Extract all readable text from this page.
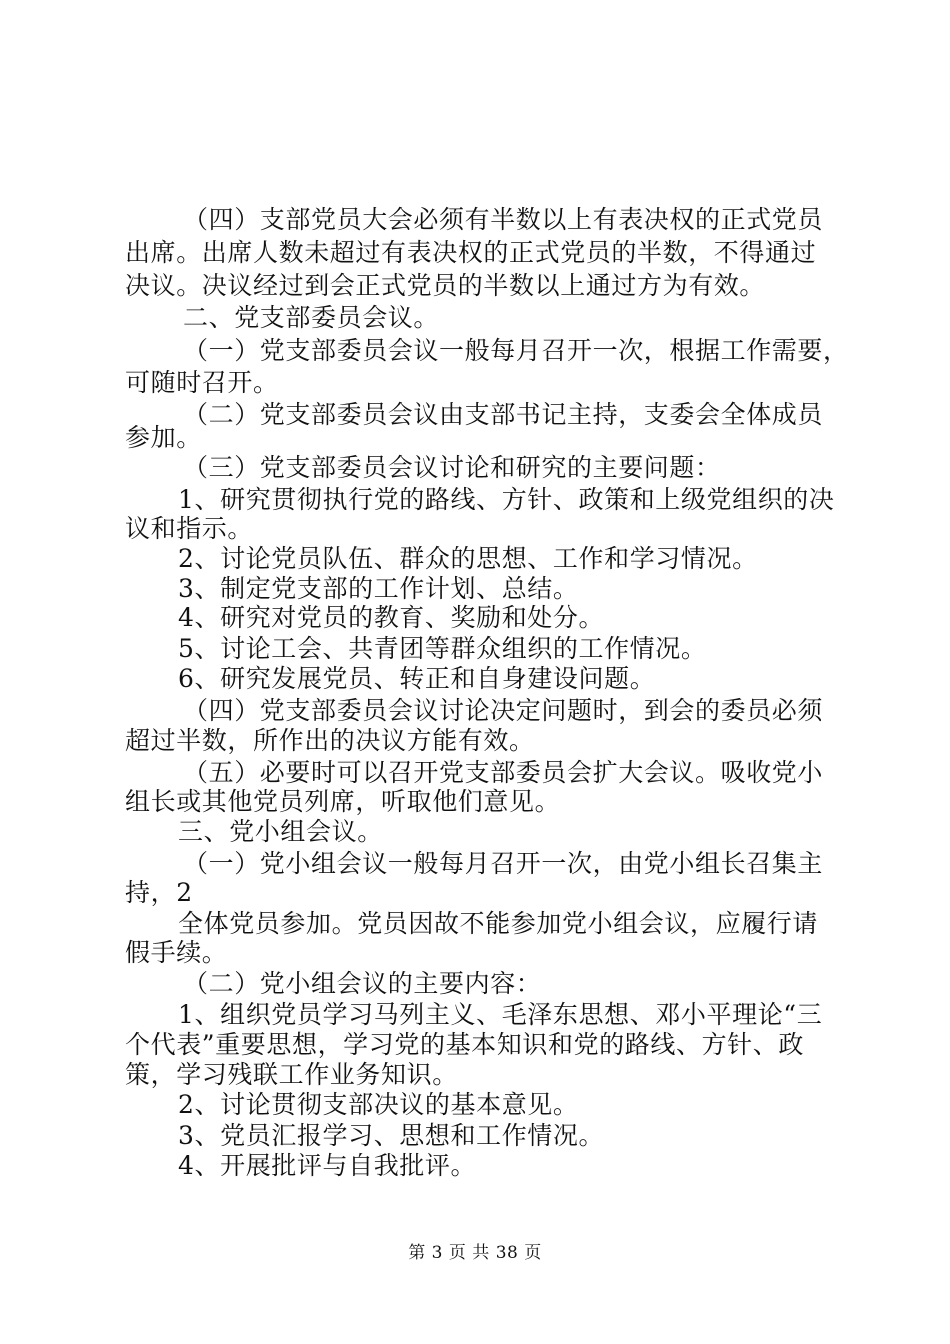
（四）支部党员大会必须有半数以上有表决权的正式党员
出席。出席人数未超过有表决权的正式党员的半数，不得通过
决议。决议经过到会正式党员的半数以上通过方为有效。
二、党支部委员会议。
（一）党支部委员会议一般每月召开一次，根据工作需要，
可随时召开。
（二）党支部委员会议由支部书记主持，支委会全体成员
参加。
（三）党支部委员会议讨论和研究的主要问题：
1、研究贯彻执行党的路线、方针、政策和上级党组织的决
议和指示。
2、讨论党员队伍、群众的思想、工作和学习情况。
3、制定党支部的工作计划、总结。
4、研究对党员的教育、奖励和处分。
5、讨论工会、共青团等群众组织的工作情况。
6、研究发展党员、转正和自身建设问题。
（四）党支部委员会议讨论决定问题时，到会的委员必须
超过半数，所作出的决议方能有效。
（五）必要时可以召开党支部委员会扩大会议。吸收党小
组长或其他党员列席，听取他们意见。
三、党小组会议。
（一）党小组会议一般每月召开一次，由党小组长召集主
持，2
全体党员参加。党员因故不能参加党小组会议，应履行请
假手续。
（二）党小组会议的主要内容：
1、组织党员学习马列主义、毛泽东思想、邓小平理论“三
个代表”重要思想，学习党的基本知识和党的路线、方针、政
策，学习残联工作业务知识。
2、讨论贯彻支部决议的基本意见。
3、党员汇报学习、思想和工作情况。
4、开展批评与自我批评。
第 3 页 共 38 页
